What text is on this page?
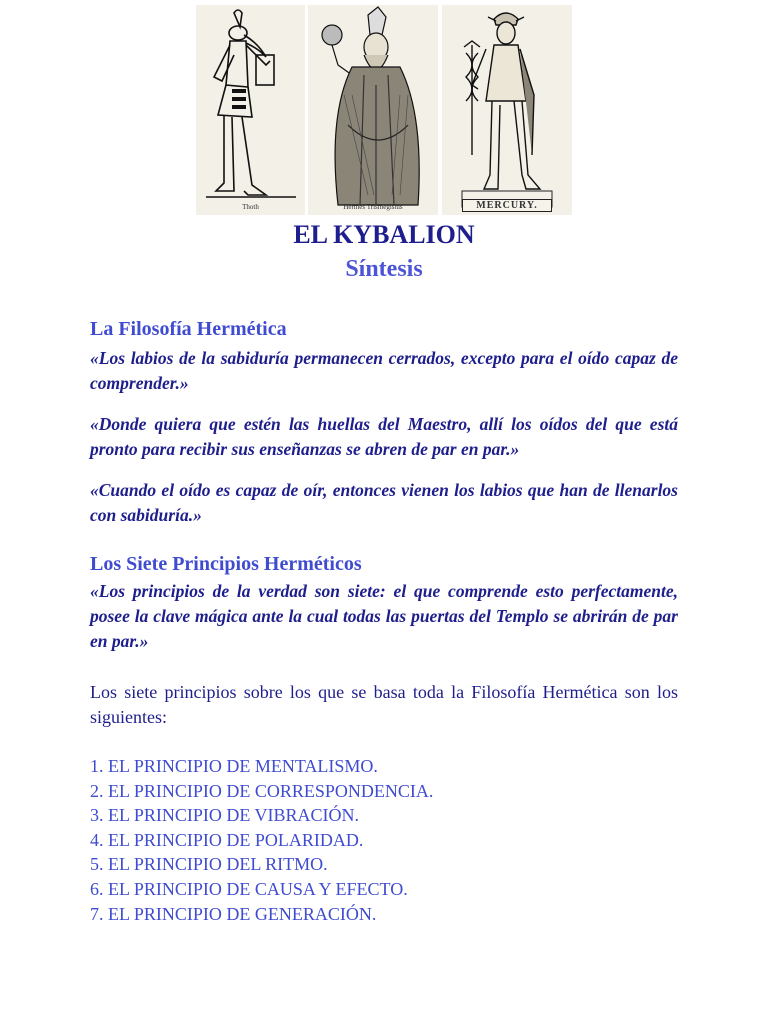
Thoth	Hermes Trismegistus	MERCURY.
EL KYBALION
Síntesis
La Filosofía Hermética

«Los labios de la sabiduría permanecen cerrados, excepto para el oído capaz de comprender.»

«Donde quiera que estén las huellas del Maestro, allí los oídos del que está pronto para recibir sus enseñanzas se abren de par en par.»

«Cuando el oído es capaz de oír, entonces vienen los labios que han de llenarlos con sabiduría.»

Los Siete Principios Herméticos

«Los principios de la verdad son siete: el que comprende esto perfectamente, posee la clave mágica ante la cual todas las puertas del Templo se abrirán de par en par.»

Los siete principios sobre los que se basa toda la Filosofía Hermética son los siguientes:

1. EL PRINCIPIO DE MENTALISMO.
2. EL PRINCIPIO DE CORRESPONDENCIA.
3. EL PRINCIPIO DE VIBRACIÓN.
4. EL PRINCIPIO DE POLARIDAD.
5. EL PRINCIPIO DEL RITMO.
6. EL PRINCIPIO DE CAUSA Y EFECTO.
7. EL PRINCIPIO DE GENERACIÓN.
